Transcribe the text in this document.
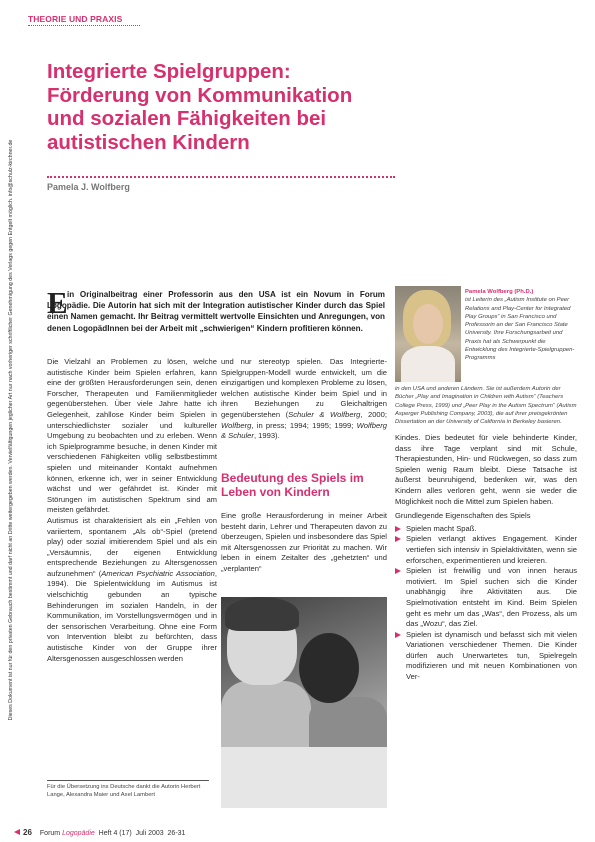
THEORIE UND PRAXIS
Dieses Dokument ist nur für den privaten Gebrauch bestimmt und darf nicht an Dritte weitergegeben werden. Vervielfältigungen jeglicher Art nur nach vorheriger schriftlicher Genehmigung des Verlags gegen Entgelt möglich. info@schulz-kirchner.de
Integrierte Spielgruppen:
Förderung von Kommunikation
und sozialen Fähigkeiten bei
autistischen Kindern
Pamela J. Wolfberg
E in Originalbeitrag einer Professorin aus den USA ist ein Novum in Forum Logopädie. Die Autorin hat sich mit der Integration autistischer Kinder durch das Spiel einen Namen gemacht. Ihr Beitrag vermittelt wertvolle Einsichten und Anregungen, von denen LogopädInnen bei der Arbeit mit „schwierigen“ Kindern profitieren können.
Pamela Wolfberg (Ph.D.)
ist Leiterin des „Autism Institute on Peer Relations and Play-Center for Integrated Play Groups“ in San Francisco und Professorin an der San Francisco State University. Ihre Forschungsarbeit und Praxis hat als Schwerpunkt die Entwicklung des Integrierte-Spielgruppen-Programms
in den USA und anderen Ländern. Sie ist außerdem Autorin der Bücher „Play and Imagination in Children with Autism“ (Teachers College Press, 1999) und „Peer Play in the Autism Spectrum“ (Autism Asperger Publishing Company, 2003), die auf ihrer preisgekrönten Dissertation an der University of California in Berkeley basieren.

Die Vielzahl an Problemen zu lösen, welche autistische Kinder beim Spielen erfahren, kann eine der größten Herausforderungen sein, denen Forscher, Therapeuten und Familienmitglieder gegenüberstehen. Über viele Jahre hatte ich Gelegenheit, zahllose Kinder beim Spielen in unterschiedlichster sozialer und kultureller Umgebung zu beobachten und zu erleben. Wenn ich Spielprogramme besuche, in denen Kinder mit verschiedenen Fähigkeiten völlig selbstbestimmt spielen und miteinander Kontakt aufnehmen können, erkenne ich, wer in seiner Entwicklung wächst und wer gefährdet ist. Kinder mit Störungen im autistischen Spektrum sind am meisten gefährdet.

Autismus ist charakterisiert als ein „Fehlen von variiertem, spontanem „Als ob“-Spiel (pretend play) oder sozial imitierendem Spiel und als ein „Versäumnis, der eigenen Entwicklung entsprechende Beziehungen zu Altersgenossen aufzunehmen“ (American Psychiatric Association, 1994). Die Spielentwicklung im Autismus ist vielschichtig gebunden an typische Behinderungen im sozialen Handeln, in der Kommunikation, im Vorstellungsvermögen und in der sensorischen Verarbeitung. Ohne eine Form von Intervention bleibt zu befürchten, dass autistische Kinder von der Gruppe ihrer Altersgenossen ausgeschlossen werden

und nur stereotyp spielen. Das Integrierte-Spielgruppen-Modell wurde entwickelt, um die einzigartigen und komplexen Probleme zu lösen, welchen autistische Kinder beim Spiel und in ihren Beziehungen zu Gleichaltrigen gegenüberstehen (Schuler & Wolfberg, 2000; Wolfberg, in press; 1994; 1995; 1999; Wolfberg & Schuler, 1993).

Bedeutung des Spiels im Leben von Kindern

Eine große Herausforderung in meiner Arbeit besteht darin, Lehrer und Therapeuten davon zu überzeugen, Spielen und insbesondere das Spiel mit Altersgenossen zur Priorität zu machen. Wir leben in einem Zeitalter des „gehetzten“ und „verplanten“

Kindes. Dies bedeutet für viele behinderte Kinder, dass ihre Tage verplant sind mit Schule, Therapiestunden, Hin- und Rückwegen, so dass zum Spielen wenig Raum bleibt. Diese Tatsache ist äußerst beunruhigend, bedenken wir, was den Kindern alles verloren geht, wenn sie weder die Möglichkeit noch die Mittel zum Spielen haben.

Grundlegende Eigenschaften des Spiels

Spielen macht Spaß.
Spielen verlangt aktives Engagement. Kinder vertiefen sich intensiv in Spielaktivitäten, wenn sie erforschen, experimentieren und kreieren.
Spielen ist freiwillig und von innen heraus motiviert. Im Spiel suchen sich die Kinder unabhängig ihre Aktivitäten aus. Die Spielmotivation entsteht im Kind. Beim Spielen geht es mehr um das „Was“, den Prozess, als um das „Wozu“, das Ziel.
Spielen ist dynamisch und befasst sich mit vielen Variationen verschiedener Themen. Die Kinder dürfen auch Unerwartetes tun, Spielregeln modifizieren und mit neuen Kombinationen von Ver-
Für die Übersetzung ins Deutsche dankt die Autorin Herbert Lange, Alexandra Maier und Axel Lambert
26 Forum Logopädie  Heft 4 (17)  Juli 2003  26-31
